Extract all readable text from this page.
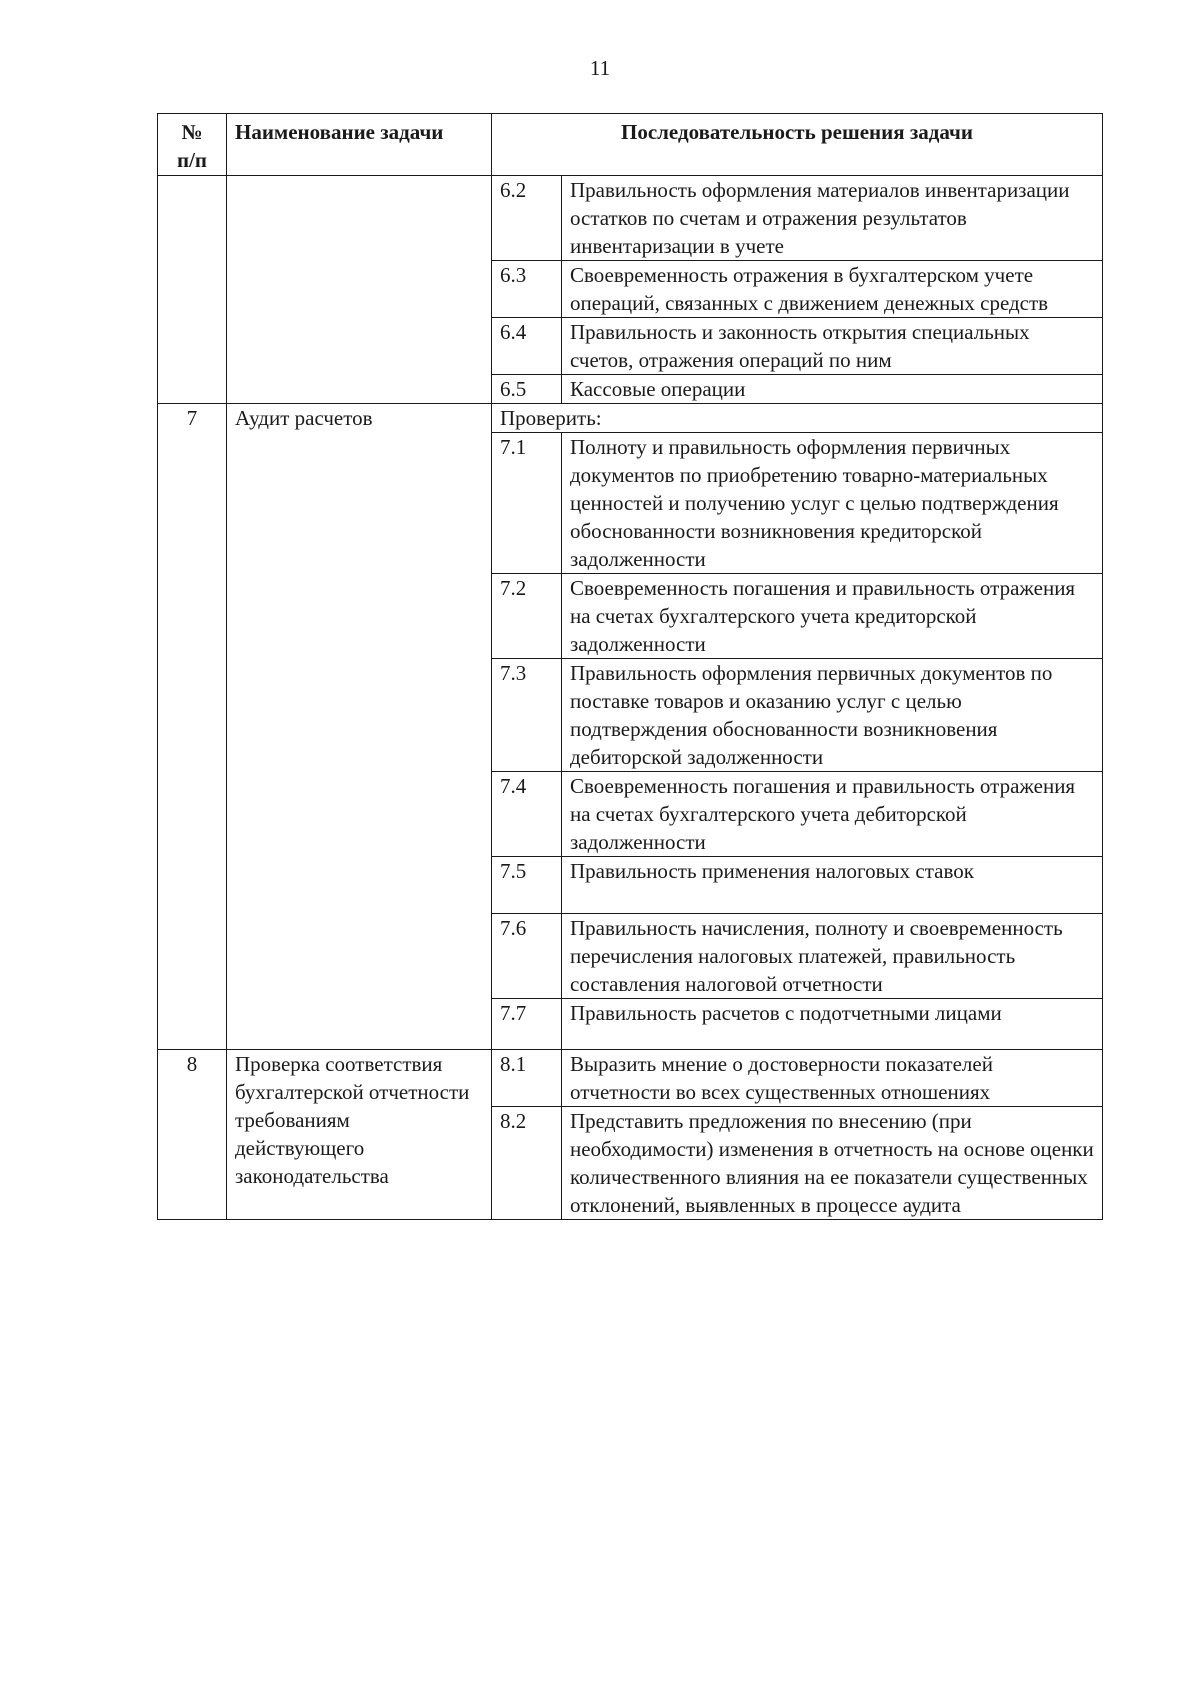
11
№
п/п	Наименование задачи	Последовательность решения задачи	
		6.2	Правильность оформления материалов инвентаризации остатков по счетам и отражения результатов инвентаризации в учете
		6.3	Своевременность отражения в бухгалтерском учете операций, связанных с движением денежных средств
		6.4	Правильность и законность открытия специальных счетов, отражения операций по ним
		6.5	Кассовые операции
7	Аудит расчетов	Проверить:	
		7.1	Полноту и правильность оформления первичных документов по приобретению товарно-материальных ценностей и получению услуг с целью подтверждения обоснованности возникновения кредиторской задолженности
		7.2	Своевременность погашения и правильность отражения на счетах бухгалтерского учета кредиторской задолженности
		7.3	Правильность оформления первичных документов по поставке товаров и оказанию услуг с целью подтверждения обоснованности возникновения дебиторской задолженности
		7.4	Своевременность погашения и правильность отражения на счетах бухгалтерского учета дебиторской задолженности
		7.5	Правильность применения налоговых ставок
		7.6	Правильность начисления, полноту и своевременность перечисления налоговых платежей, правильность составления налоговой отчетности
		7.7	Правильность расчетов с подотчетными лицами

8	Проверка соответствия бухгалтерской отчетности требованиям действующего законодательства	8.1	Выразить мнение о достоверности показателей отчетности во всех существенных отношениях
		8.2	Представить предложения по внесению (при необходимости) изменения в отчетность на основе оценки количественного влияния на ее показатели существенных отклонений, выявленных в процессе аудита
